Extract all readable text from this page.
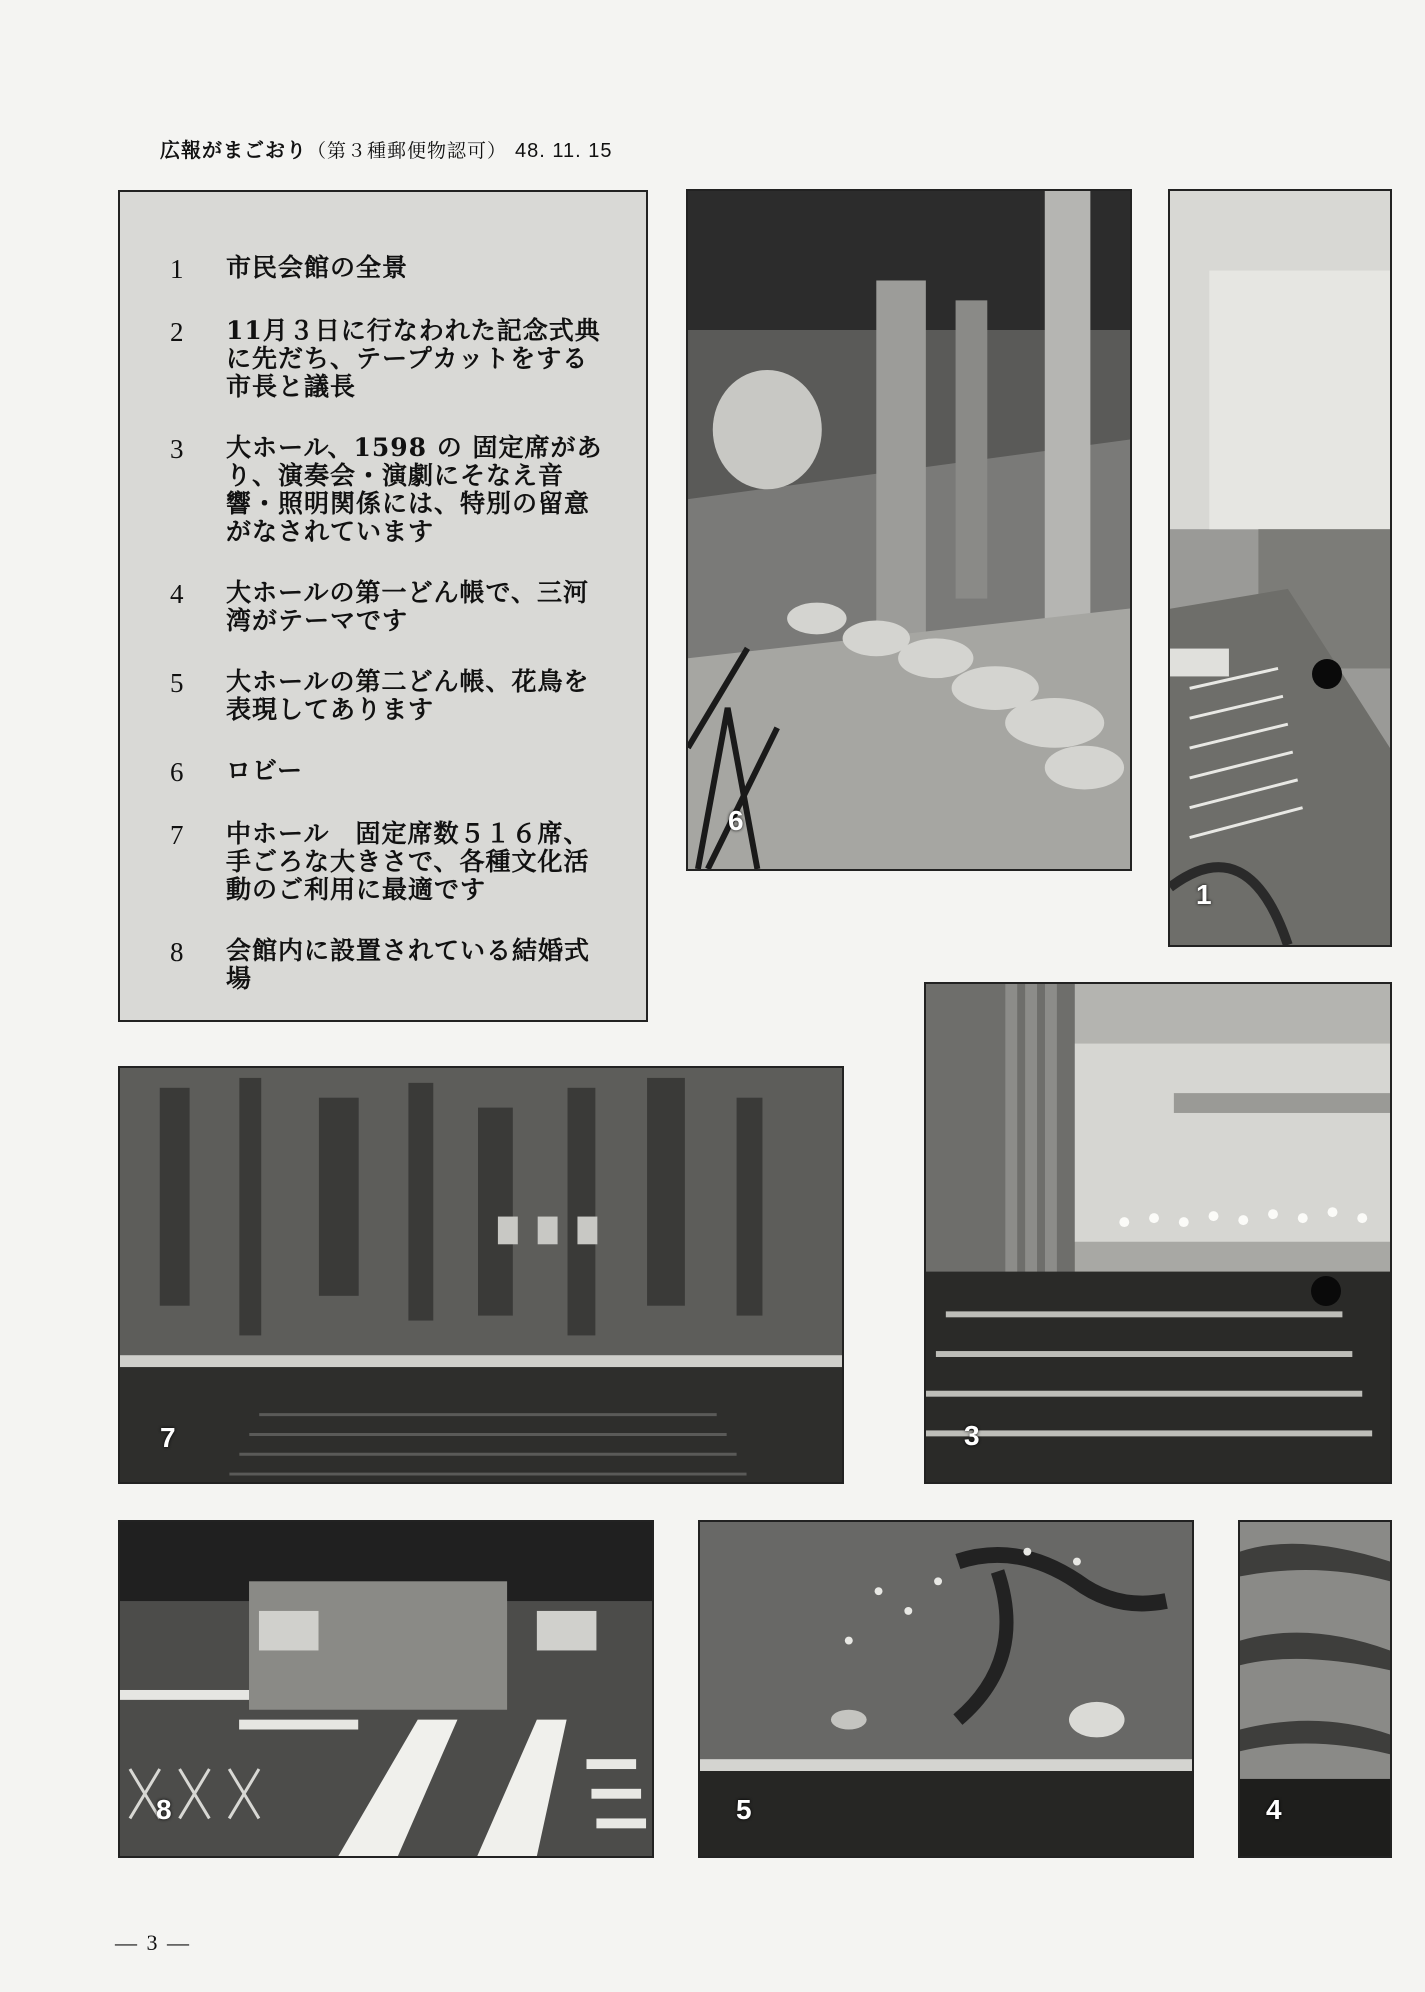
広報がまごおり（第３種郵便物認可） 48. 11. 15
1	市民会館の全景
2	11月３日に行なわれた記念式典に先だち、テープカットをする市長と議長
3	大ホール、1598 の 固定席があり、演奏会・演劇にそなえ音響・照明関係には、特別の留意がなされています
4	大ホールの第一どん帳で、三河湾がテーマです
5	大ホールの第二どん帳、花鳥を表現してあります
6	ロビー
7	中ホール　固定席数５１６席、手ごろな大きさで、各種文化活動のご利用に最適です
8	会館内に設置されている結婚式場
6
1
7	3
8	5	4
— 3 —
